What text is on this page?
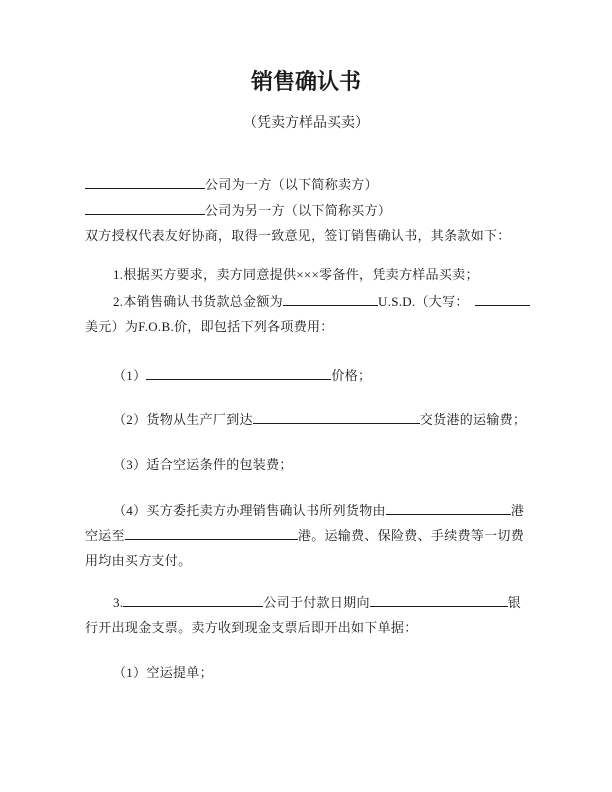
销售确认书
（凭卖方样品买卖）
公司为一方（以下简称卖方）
公司为另一方（以下简称买方）
双方授权代表友好协商，取得一致意见，签订销售确认书，其条款如下：
1.根据买方要求，卖方同意提供×××零备件，凭卖方样品买卖；
2.本销售确认书货款总金额为	U.S.D.（大写：
美元）为F.O.B.价，即包括下列各项费用：
（1）	价格；
（2）货物从生产厂到达	交货港的运输费；
（3）适合空运条件的包装费；
（4）买方委托卖方办理销售确认书所列货物由	港
空运至	港。运输费、保险费、手续费等一切费
用均由买方支付。
3.	公司于付款日期向	银
行开出现金支票。卖方收到现金支票后即开出如下单据：
（1）空运提单；
